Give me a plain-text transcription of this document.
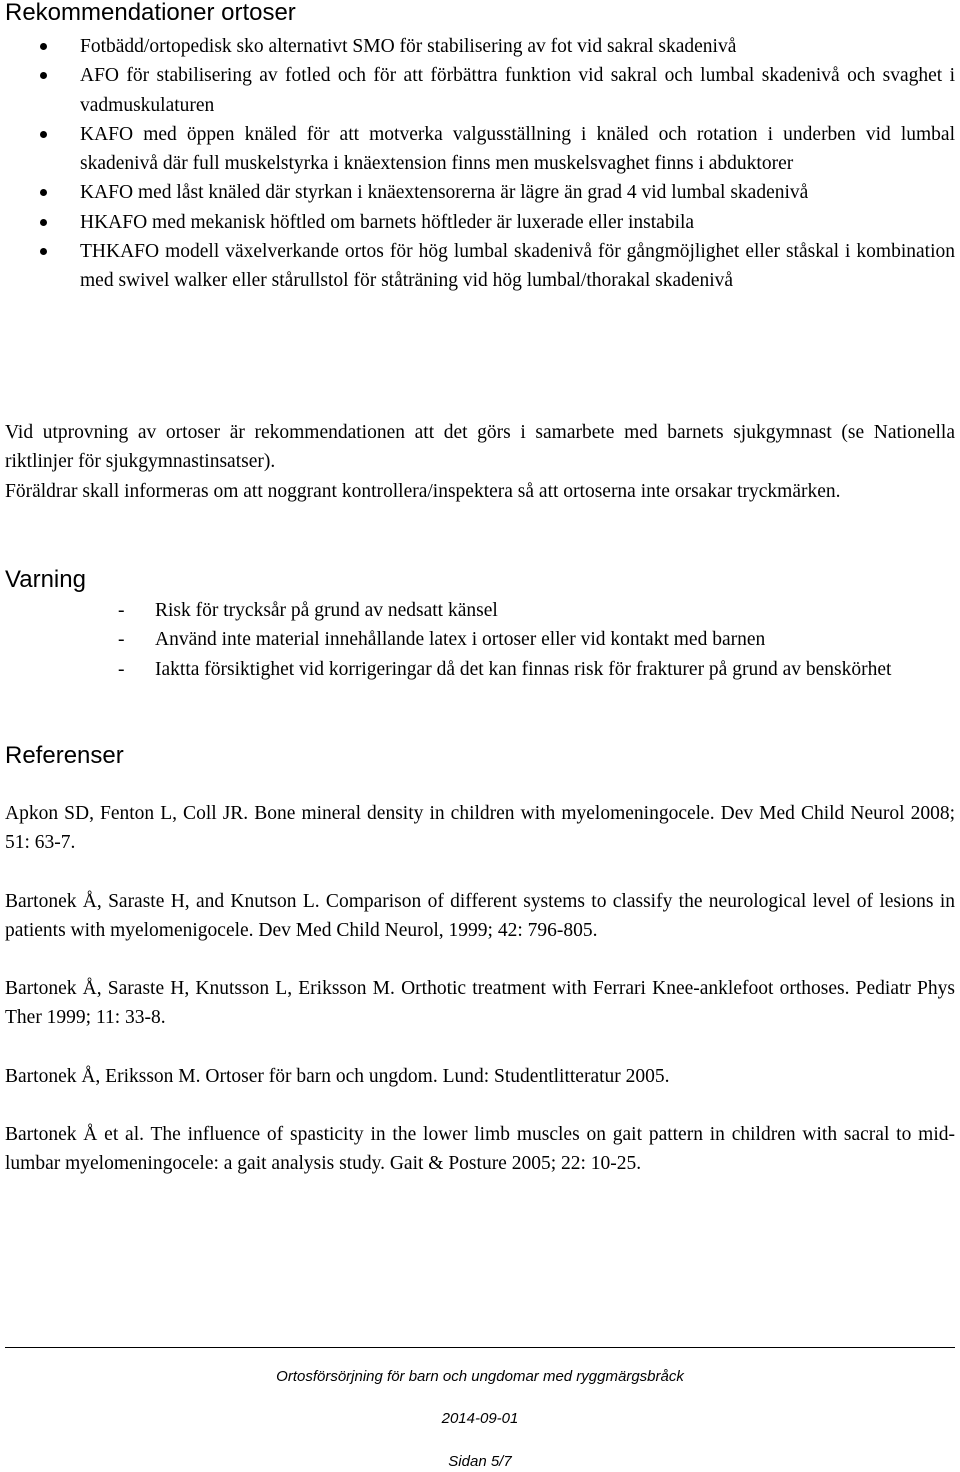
Rekommendationer ortoser
Fotbädd/ortopedisk sko alternativt SMO för stabilisering av fot vid sakral skadenivå
AFO för stabilisering av fotled och för att förbättra funktion vid sakral och lumbal skadenivå och svaghet i vadmuskulaturen
KAFO med öppen knäled för att motverka valgusställning i knäled och rotation i underben vid lumbal skadenivå där full muskelstyrka i knäextension finns men muskelsvaghet finns i abduktorer
KAFO med låst knäled där styrkan i knäextensorerna är lägre än grad 4 vid lumbal skadenivå
HKAFO med mekanisk höftled om barnets höftleder är luxerade eller instabila
THKAFO modell växelverkande ortos för hög lumbal skadenivå för gångmöjlighet eller ståskal i kombination med swivel walker eller stårullstol för ståträning vid hög lumbal/thorakal skadenivå

Vid utprovning av ortoser är rekommendationen att det görs i samarbete med barnets sjukgymnast (se Nationella riktlinjer för sjukgymnastinsatser).

Föräldrar skall informeras om att noggrant kontrollera/inspektera så att ortoserna inte orsakar tryckmärken.

Varning
- Risk för trycksår på grund av nedsatt känsel
- Använd inte material innehållande latex i ortoser eller vid kontakt med barnen
- Iaktta försiktighet vid korrigeringar då det kan finnas risk för frakturer på grund av benskörhet
Referenser
Apkon SD, Fenton L, Coll JR. Bone mineral density in children with myelomeningocele. Dev Med Child Neurol 2008; 51: 63-7.
Bartonek Å, Saraste H, and Knutson L. Comparison of different systems to classify the neurological level of lesions in patients with myelomenigocele. Dev Med Child Neurol, 1999; 42: 796-805.
Bartonek Å, Saraste H, Knutsson L, Eriksson M. Orthotic treatment with Ferrari Knee-anklefoot orthoses. Pediatr Phys Ther 1999; 11: 33-8.
Bartonek Å, Eriksson M. Ortoser för barn och ungdom. Lund: Studentlitteratur 2005.
Bartonek Å et al. The influence of spasticity in the lower limb muscles on gait pattern in children with sacral to mid-lumbar myelomeningocele: a gait analysis study. Gait & Posture 2005; 22: 10-25.
Ortosförsörjning för barn och ungdomar med ryggmärgsbråck
2014-09-01
Sidan 5/7
